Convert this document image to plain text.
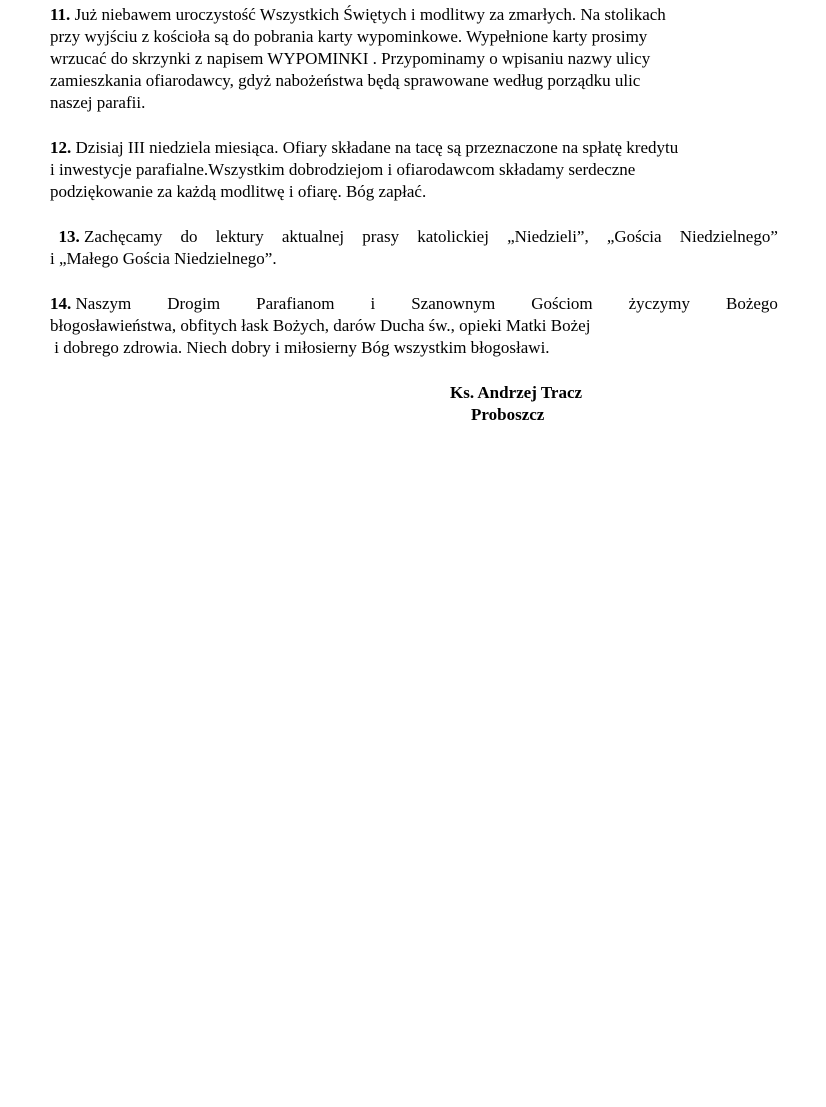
11. Już niebawem uroczystość Wszystkich Świętych i modlitwy za zmarłych. Na stolikach
przy wyjściu z kościoła są do pobrania karty wypominkowe. Wypełnione karty prosimy
wrzucać do skrzynki z napisem WYPOMINKI . Przypominamy o wpisaniu nazwy ulicy
zamieszkania ofiarodawcy, gdyż nabożeństwa będą sprawowane według porządku ulic
naszej parafii.

12. Dzisiaj III niedziela miesiąca. Ofiary składane na tacę są przeznaczone na spłatę kredytu
i inwestycje parafialne.Wszystkim dobrodziejom i ofiarodawcom składamy serdeczne
podziękowanie za każdą modlitwę i ofiarę. Bóg zapłać.

13. Zachęcamy do lektury aktualnej prasy katolickiej „Niedzieli”, „Gościa Niedzielnego”
i „Małego Gościa Niedzielnego”.

14. Naszym Drogim Parafianom i Szanownym Gościom życzymy Bożego
błogosławieństwa, obfitych łask Bożych, darów Ducha św., opieki Matki Bożej
i dobrego zdrowia. Niech dobry i miłosierny Bóg wszystkim błogosławi.

Ks. Andrzej Tracz
Proboszcz
